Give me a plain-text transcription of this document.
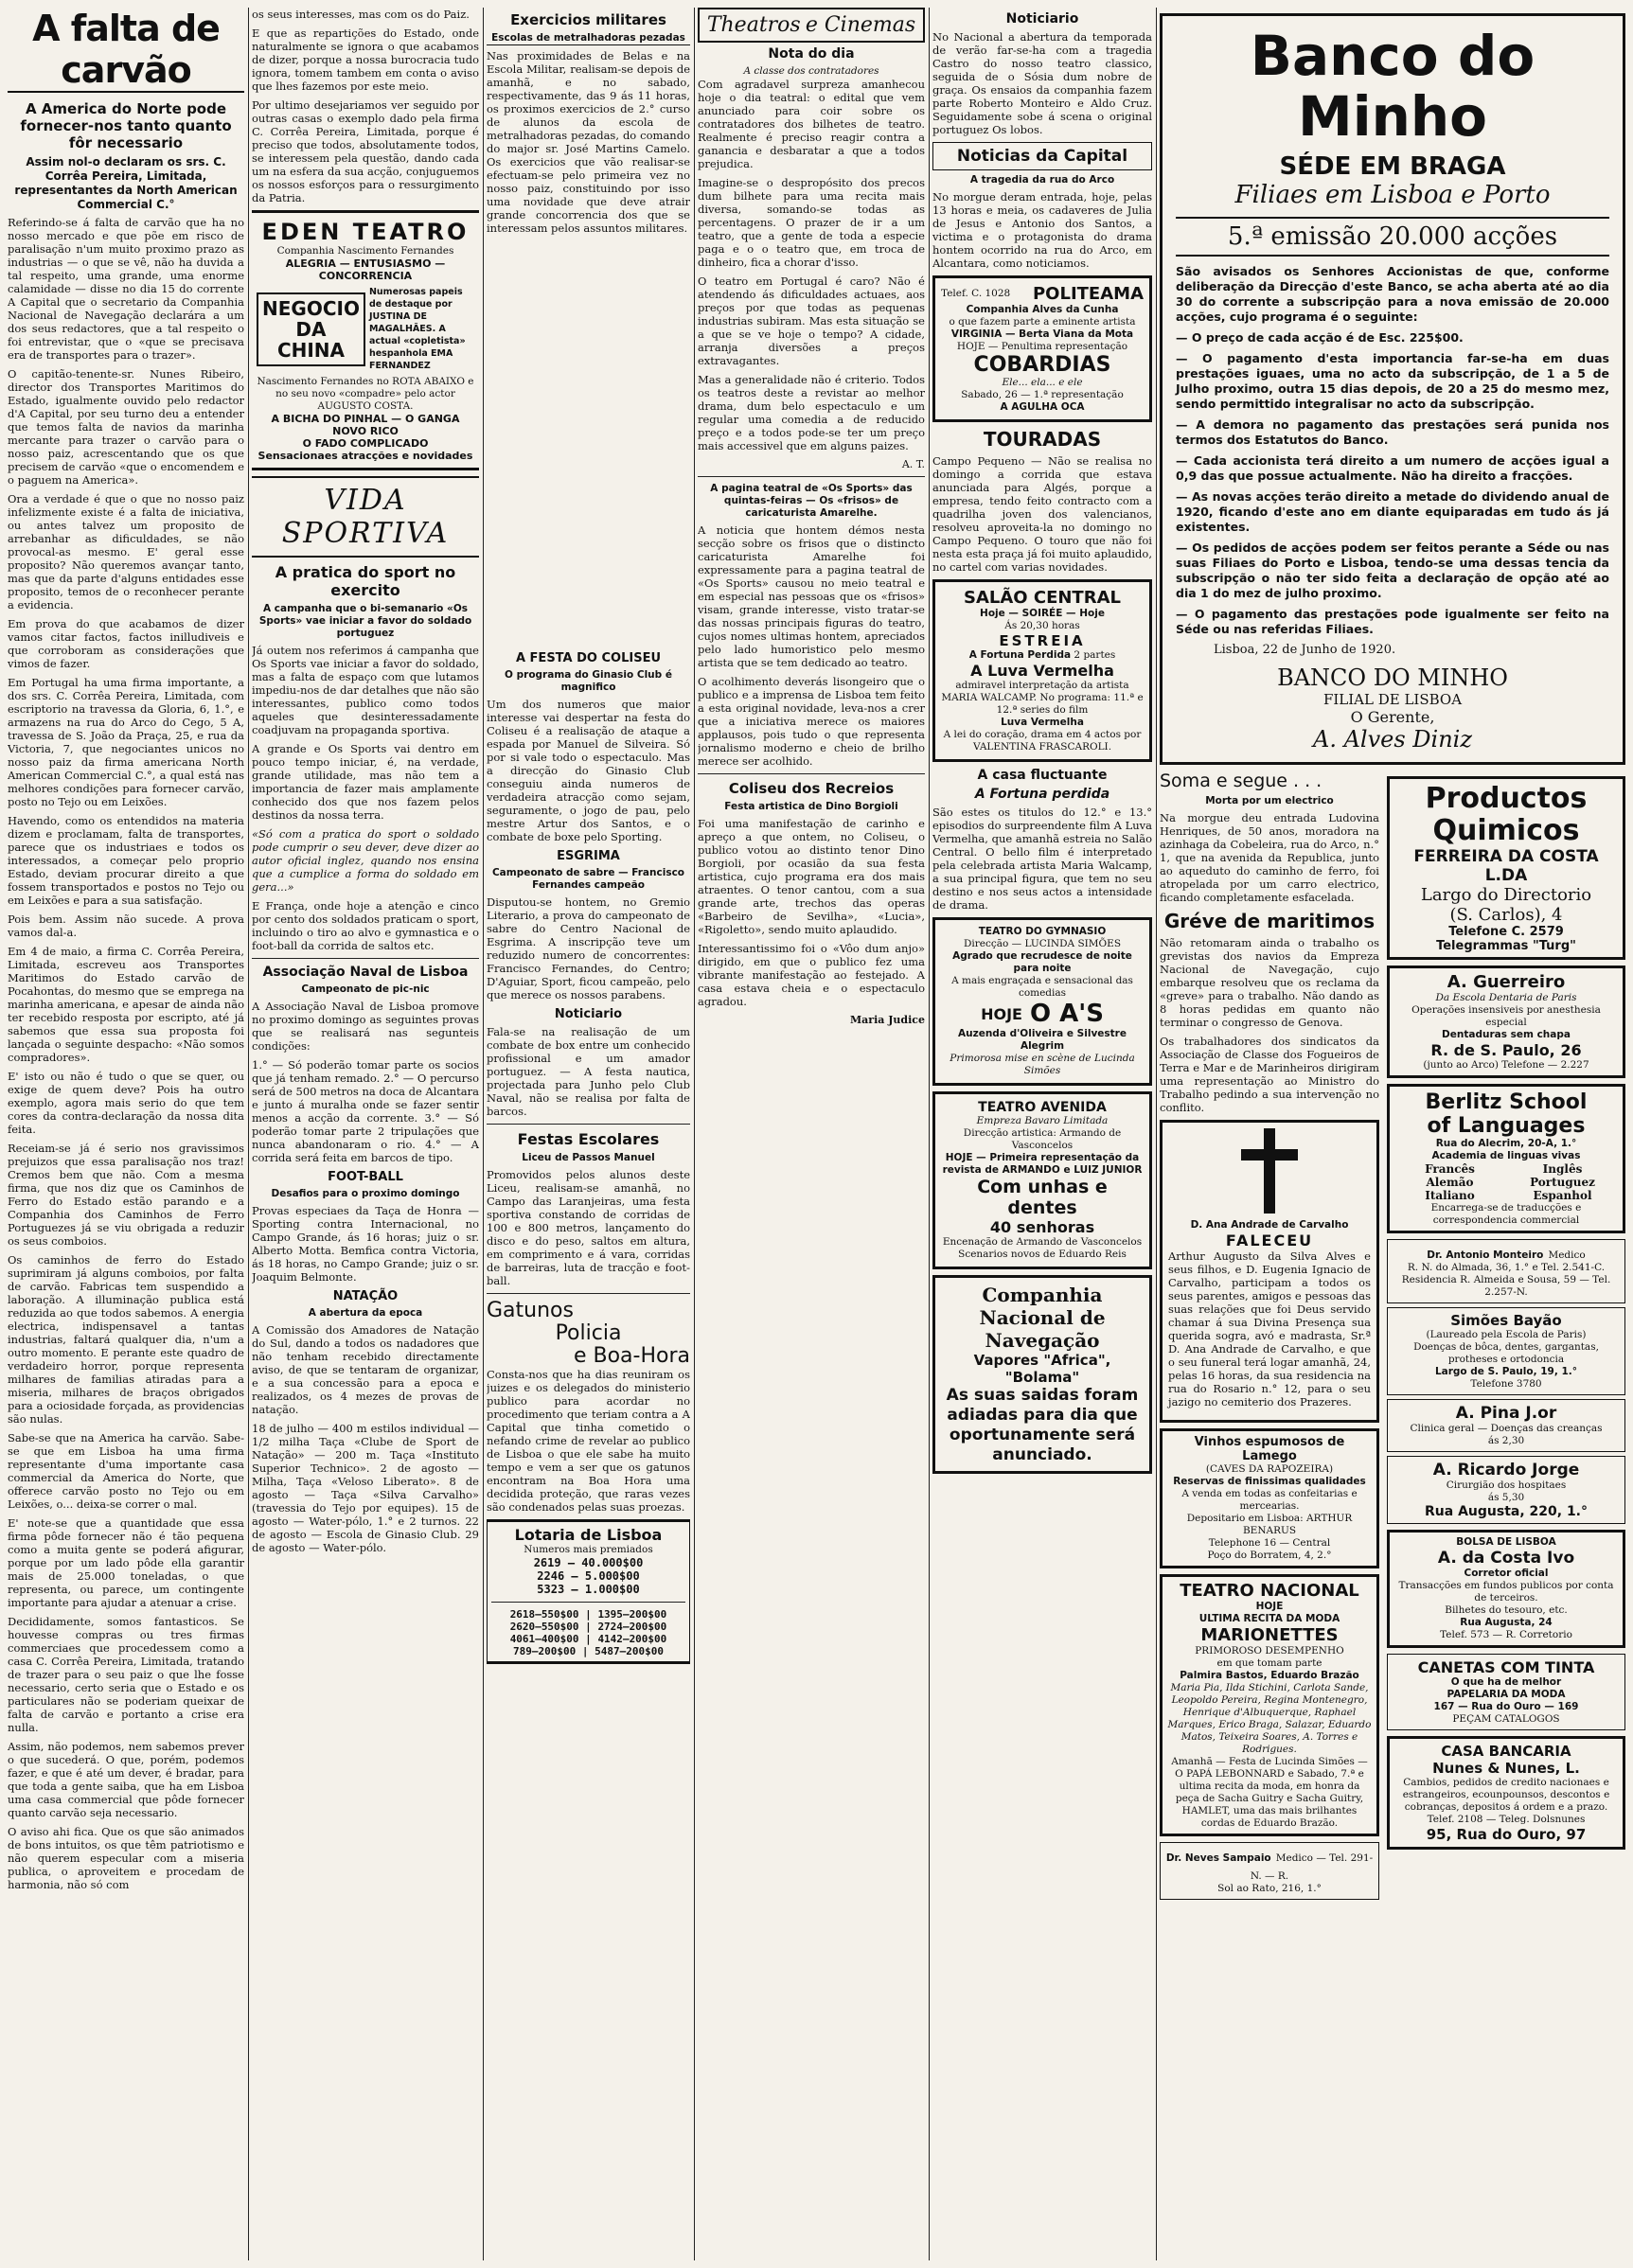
A falta de carvão
A America do Norte pode fornecer-nos tanto quanto fôr necessario
Assim nol-o declaram os srs. C. Corrêa Pereira, Limitada, representantes da North American Commercial C.°

Referindo-se á falta de carvão que ha no nosso mercado e que põe em risco de paralisação n'um muito proximo prazo as industrias — o que se vê, não ha duvida a tal respeito, uma grande, uma enorme calamidade — disse no dia 15 do corrente A Capital que o secretario da Companhia Nacional de Navegação declarára a um dos seus redactores, que a tal respeito o foi entrevistar, que o «que se precisava era de transportes para o trazer».

O capitão-tenente-sr. Nunes Ribeiro, director dos Transportes Maritimos do Estado, igualmente ouvido pelo redactor d'A Capital, por seu turno deu a entender que temos falta de navios da marinha mercante para trazer o carvão para o nosso paiz, acrescentando que os que precisem de carvão «que o encomendem e o paguem na America».

Ora a verdade é que o que no nosso paiz infelizmente existe é a falta de iniciativa, ou antes talvez um proposito de arrebanhar as dificuldades, se não provocal-as mesmo. E' geral esse proposito? Não queremos avançar tanto, mas que da parte d'alguns entidades esse proposito, temos de o reconhecer perante a evidencia.

Em prova do que acabamos de dizer vamos citar factos, factos inilludiveis e que corroboram as considerações que vimos de fazer.

Em Portugal ha uma firma importante, a dos srs. C. Corrêa Pereira, Limitada, com escriptorio na travessa da Gloria, 6, 1.°, e armazens na rua do Arco do Cego, 5 A, travessa de S. João da Praça, 25, e rua da Victoria, 7, que negociantes unicos no nosso paiz da firma americana North American Commercial C.°, a qual está nas melhores condições para fornecer carvão, posto no Tejo ou em Leixões.

Havendo, como os entendidos na materia dizem e proclamam, falta de transportes, parece que os industriaes e todos os interessados, a começar pelo proprio Estado, deviam procurar direito a que fossem transportados e postos no Tejo ou em Leixões e para a sua satisfação.

Pois bem. Assim não sucede. A prova vamos dal-a.

Em 4 de maio, a firma C. Corrêa Pereira, Limitada, escreveu aos Transportes Maritimos do Estado carvão de Pocahontas, do mesmo que se emprega na marinha americana, e apesar de ainda não ter recebido resposta por escripto, até já sabemos que essa sua proposta foi lançada o seguinte despacho: «Não somos compradores».

E' isto ou não é tudo o que se quer, ou exige de quem deve? Pois ha outro exemplo, agora mais serio do que tem cores da contra-declaração da nossa dita feita.

Receiam-se já é serio nos gravissimos prejuizos que essa paralisação nos traz! Cremos bem que não. Com a mesma firma, que nos diz que os Caminhos de Ferro do Estado estão parando e a Companhia dos Caminhos de Ferro Portuguezes já se viu obrigada a reduzir os seus comboios.

Os caminhos de ferro do Estado suprimiram já alguns comboios, por falta de carvão. Fabricas tem suspendido a laboração. A illuminação publica está reduzida ao que todos sabemos. A energia electrica, indispensavel a tantas industrias, faltará qualquer dia, n'um a outro momento. E perante este quadro de verdadeiro horror, porque representa milhares de familias atiradas para a miseria, milhares de braços obrigados para a ociosidade forçada, as providencias são nulas.

Sabe-se que na America ha carvão. Sabe-se que em Lisboa ha uma firma representante d'uma importante casa commercial da America do Norte, que offerece carvão posto no Tejo ou em Leixões, o... deixa-se correr o mal.

E' note-se que a quantidade que essa firma pôde fornecer não é tão pequena como a muita gente se poderá afigurar, porque por um lado pôde ella garantir mais de 25.000 toneladas, o que representa, ou parece, um contingente importante para ajudar a atenuar a crise.

Decididamente, somos fantasticos. Se houvesse compras ou tres firmas commerciaes que procedessem como a casa C. Corrêa Pereira, Limitada, tratando de trazer para o seu paiz o que lhe fosse necessario, certo seria que o Estado e os particulares não se poderiam queixar de falta de carvão e portanto a crise era nulla.

Assim, não podemos, nem sabemos prever o que sucederá. O que, porém, podemos fazer, e que é até um dever, é bradar, para que toda a gente saiba, que ha em Lisboa uma casa commercial que pôde fornecer quanto carvão seja necessario.

O aviso ahi fica. Que os que são animados de bons intuitos, os que têm patriotismo e não querem especular com a miseria publica, o aproveitem e procedam de harmonia, não só com

os seus interesses, mas com os do Paiz.

E que as repartições do Estado, onde naturalmente se ignora o que acabamos de dizer, porque a nossa burocracia tudo ignora, tomem tambem em conta o aviso que lhes fazemos por este meio.

Por ultimo desejariamos ver seguido por outras casas o exemplo dado pela firma C. Corrêa Pereira, Limitada, porque é preciso que todos, absolutamente todos, se interessem pela questão, dando cada um na esfera da sua acção, conjuguemos os nossos esforços para o ressurgimento da Patria.

EDEN TEATRO
Companhia Nascimento Fernandes
ALEGRIA — ENTUSIASMO — CONCORRENCIA
NEGOCIO DA CHINA
Numerosas papeis de destaque por JUSTINA DE MAGALHÃES. A actual «copletista» hespanhola EMA FERNANDEZ
Nascimento Fernandes no ROTA ABAIXO e no seu novo «compadre» pelo actor AUGUSTO COSTA.
A BICHA DO PINHAL — O GANGA NOVO RICO
O FADO COMPLICADO
Sensacionaes atracções e novidades
VIDA SPORTIVA
A pratica do sport no exercito
A campanha que o bi-semanario «Os Sports» vae iniciar a favor do soldado portuguez

Já outem nos referimos á campanha que Os Sports vae iniciar a favor do soldado, mas a falta de espaço com que lutamos impediu-nos de dar detalhes que não são interessantes, publico como todos aqueles que desinteressadamente coadjuvam na propaganda sportiva.

A grande e Os Sports vai dentro em pouco tempo iniciar, é, na verdade, grande utilidade, mas não tem a importancia de fazer mais amplamente conhecido dos que nos fazem pelos destinos da nossa terra.

«Só com a pratica do sport o soldado pode cumprir o seu dever, deve dizer ao autor oficial inglez, quando nos ensina que a cumplice a forma do soldado em gera...»

E França, onde hoje a atenção e cinco por cento dos soldados praticam o sport, incluindo o tiro ao alvo e gymnastica e o foot-ball da corrida de saltos etc.

Associação Naval de Lisboa
Campeonato de pic-nic

A Associação Naval de Lisboa promove no proximo domingo as seguintes provas que se realisará nas segunteis condições:

1.° — Só poderão tomar parte os socios que já tenham remado. 2.° — O percurso será de 500 metros na doca de Alcantara e junto á muralha onde se fazer sentir menos a acção da corrente. 3.° — Só poderão tomar parte 2 tripulações que nunca abandonaram o rio. 4.° — A corrida será feita em barcos de tipo.

FOOT-BALL
Desafios para o proximo domingo

Provas especiaes da Taça de Honra — Sporting contra Internacional, no Campo Grande, ás 16 horas; juiz o sr. Alberto Motta. Bemfica contra Victoria, ás 18 horas, no Campo Grande; juiz o sr. Joaquim Belmonte.

NATAÇÃO
A abertura da epoca

A Comissão dos Amadores de Natação do Sul, dando a todos os nadadores que não tenham recebido directamente aviso, de que se tentaram de organizar, e a sua concessão para a epoca e realizados, os 4 mezes de provas de natação.

18 de julho — 400 m estilos individual — 1/2 milha Taça «Clube de Sport de Natação» — 200 m. Taça «Instituto Superior Technico». 2 de agosto — Milha, Taça «Veloso Liberato». 8 de agosto — Taça «Silva Carvalho» (travessia do Tejo por equipes). 15 de agosto — Water-pólo, 1.° e 2 turnos. 22 de agosto — Escola de Ginasio Club. 29 de agosto — Water-pólo.

Exercicios militares
Escolas de metralhadoras pezadas

Nas proximidades de Belas e na Escola Militar, realisam-se depois de amanhã, e no sabado, respectivamente, das 9 ás 11 horas, os proximos exercicios de 2.° curso de alunos da escola de metralhadoras pezadas, do comando do major sr. José Martins Camelo. Os exercicios que vão realisar-se efectuam-se pelo primeira vez no nosso paiz, constituindo por isso uma novidade que deve atrair grande concorrencia dos que se interessam pelos assuntos militares.

A FESTA DO COLISEU
O programa do Ginasio Club é magnifico

Um dos numeros que maior interesse vai despertar na festa do Coliseu é a realisação de ataque a espada por Manuel de Silveira. Só por si vale todo o espectaculo. Mas a direcção do Ginasio Club conseguiu ainda numeros de verdadeira atracção como sejam, seguramente, o jogo de pau, pelo mestre Artur dos Santos, e o combate de boxe pelo Sporting.

ESGRIMA
Campeonato de sabre — Francisco Fernandes campeão

Disputou-se hontem, no Gremio Literario, a prova do campeonato de sabre do Centro Nacional de Esgrima. A inscripção teve um reduzido numero de concorrentes: Francisco Fernandes, do Centro; D'Aguiar, Sport, ficou campeão, pelo que merece os nossos parabens.

Noticiario

Fala-se na realisação de um combate de box entre um conhecido profissional e um amador portuguez. — A festa nautica, projectada para Junho pelo Club Naval, não se realisa por falta de barcos.

Festas Escolares
Liceu de Passos Manuel

Promovidos pelos alunos deste Liceu, realisam-se amanhã, no Campo das Laranjeiras, uma festa sportiva constando de corridas de 100 e 800 metros, lançamento do disco e do peso, saltos em altura, em comprimento e á vara, corridas de barreiras, luta de tracção e foot-ball.

Gatunos
Policia
e Boa-Hora

Consta-nos que ha dias reuniram os juizes e os delegados do ministerio publico para acordar no procedimento que teriam contra a A Capital que tinha cometido o nefando crime de revelar ao publico de Lisboa o que ele sabe ha muito tempo e vem a ser que os gatunos encontram na Boa Hora uma decidida proteção, que raras vezes são condenados pelas suas proezas.

Lotaria de Lisboa
Numeros mais premiados
2619 — 40.000$00
2246 — 5.000$00
5323 — 1.000$00
2618—550$00 | 1395—200$00
2620—550$00 | 2724—200$00
4061—400$00 | 4142—200$00
789—200$00 | 5487—200$00
Theatros e Cinemas
Nota do dia
A classe dos contratadores

Com agradavel surpreza amanhecou hoje o dia teatral: o edital que vem anunciado para coir sobre os contratadores dos bilhetes de teatro. Realmente é preciso reagir contra a ganancia e desbaratar a que a todos prejudica.

Imagine-se o despropósito dos precos dum bilhete para uma recita mais diversa, somando-se todas as percentagens. O prazer de ir a um teatro, que a gente de toda a especie paga e o o teatro que, em troca de dinheiro, fica a chorar d'isso.

O teatro em Portugal é caro? Não é atendendo ás dificuldades actuaes, aos preços por que todas as pequenas industrias subiram. Mas esta situação se a que se ve hoje o tempo? A cidade, arranja diversões a preços extravagantes.

Mas a generalidade não é criterio. Todos os teatros deste a revistar ao melhor drama, dum belo espectaculo e um regular uma comedia a de reducido preço e a todos pode-se ter um preço mais accessivel que em alguns paizes.

A. T.
A pagina teatral de «Os Sports» das quintas-feiras — Os «frisos» de caricaturista Amarelhe.

A noticia que hontem démos nesta secção sobre os frisos que o distincto caricaturista Amarelhe foi expressamente para a pagina teatral de «Os Sports» causou no meio teatral e em especial nas pessoas que os «frisos» visam, grande interesse, visto tratar-se das nossas principais figuras do teatro, cujos nomes ultimas hontem, apreciados pelo lado humoristico pelo mesmo artista que se tem dedicado ao teatro.

O acolhimento deverás lisongeiro que o publico e a imprensa de Lisboa tem feito a esta original novidade, leva-nos a crer que a iniciativa merece os maiores applausos, pois tudo o que representa jornalismo moderno e cheio de brilho merece ser acolhido.

Coliseu dos Recreios
Festa artistica de Dino Borgioli

Foi uma manifestação de carinho e apreço a que ontem, no Coliseu, o publico votou ao distinto tenor Dino Borgioli, por ocasião da sua festa artistica, cujo programa era dos mais atraentes. O tenor cantou, com a sua grande arte, trechos das operas «Barbeiro de Sevilha», «Lucia», «Rigoletto», sendo muito aplaudido.

Interessantissimo foi o «Vôo dum anjo» dirigido, em que o publico fez uma vibrante manifestação ao festejado. A casa estava cheia e o espectaculo agradou.

Maria Judice
Noticiario

No Nacional a abertura da temporada de verão far-se-ha com a tragedia Castro do nosso teatro classico, seguida de o Sósia dum nobre de graça. Os ensaios da companhia fazem parte Roberto Monteiro e Aldo Cruz. Seguidamente sobe á scena o original portuguez Os lobos.

Noticias da Capital
A tragedia da rua do Arco

No morgue deram entrada, hoje, pelas 13 horas e meia, os cadaveres de Julia de Jesus e Antonio dos Santos, a victima e o protagonista do drama hontem ocorrido na rua do Arco, em Alcantara, como noticiamos.

Telef. C. 1028 POLITEAMA
Companhia Alves da Cunha
o que fazem parte a eminente artista
VIRGINIA — Berta Viana da Mota
HOJE — Penultima representação
COBARDIAS
Ele... ela... e ele
Sabado, 26 — 1.ª representação
A AGULHA OCA
TOURADAS

Campo Pequeno — Não se realisa no domingo a corrida que estava anunciada para Algés, porque a empresa, tendo feito contracto com a quadrilha joven dos valencianos, resolveu aproveita-la no domingo no Campo Pequeno. O touro que não foi nesta esta praça já foi muito aplaudido, no cartel com varias novidades.

SALÃO CENTRAL
Hoje — SOIRÉE — Hoje
Ás 20,30 horas
ESTREIA
A Fortuna Perdida 2 partes
A Luva Vermelha
admiravel interpretação da artista MARIA WALCAMP. No programa: 11.ª e 12.ª series do film
Luva Vermelha
A lei do coração, drama em 4 actos por VALENTINA FRASCAROLI.
A casa fluctuante
A Fortuna perdida

São estes os titulos do 12.° e 13.° episodios do surpreendente film A Luva Vermelha, que amanhã estreia no Salão Central. O bello film é interpretado pela celebrada artista Maria Walcamp, a sua principal figura, que tem no seu destino e nos seus actos a intensidade de drama.

TEATRO DO GYMNASIO
Direcção — LUCINDA SIMÕES
Agrado que recrudesce de noite para noite
A mais engraçada e sensacional das comedias
HOJE O A'S
Auzenda d'Oliveira e Silvestre Alegrim
Primorosa mise en scène de Lucinda Simões
TEATRO AVENIDA
Empreza Bavaro Limitada
Direcção artistica: Armando de Vasconcelos
HOJE — Primeira representação da revista de ARMANDO e LUIZ JUNIOR
Com unhas e dentes
40 senhoras
Encenação de Armando de Vasconcelos
Scenarios novos de Eduardo Reis
Companhia Nacional de Navegação
Vapores "Africa", "Bolama"
As suas saidas foram adiadas para dia que oportunamente será anunciado.
Banco do Minho
SÉDE EM BRAGA
Filiaes em Lisboa e Porto
5.ª emissão 20.000 acções

São avisados os Senhores Accionistas de que, conforme deliberação da Direcção d'este Banco, se acha aberta até ao dia 30 do corrente a subscripção para a nova emissão de 20.000 acções, cujo programa é o seguinte:

— O preço de cada acção é de Esc. 225$00.

— O pagamento d'esta importancia far-se-ha em duas prestações iguaes, uma no acto da subscripção, de 1 a 5 de Julho proximo, outra 15 dias depois, de 20 a 25 do mesmo mez, sendo permittido integralisar no acto da subscripção.

— A demora no pagamento das prestações será punida nos termos dos Estatutos do Banco.

— Cada accionista terá direito a um numero de acções igual a 0,9 das que possue actualmente. Não ha direito a fracções.

— As novas acções terão direito a metade do dividendo anual de 1920, ficando d'este ano em diante equiparadas em tudo ás já existentes.

— Os pedidos de acções podem ser feitos perante a Séde ou nas suas Filiaes do Porto e Lisboa, tendo-se uma dessas tencia da subscripção o não ter sido feita a declaração de opção até ao dia 1 do mez de julho proximo.

— O pagamento das prestações pode igualmente ser feito na Séde ou nas referidas Filiaes.

Lisboa, 22 de Junho de 1920.
BANCO DO MINHO
FILIAL DE LISBOA
O Gerente,
A. Alves Diniz
Soma e segue . . .
Morta por um electrico

Na morgue deu entrada Ludovina Henriques, de 50 anos, moradora na azinhaga da Cobeleira, rua do Arco, n.° 1, que na avenida da Republica, junto ao aqueduto do caminho de ferro, foi atropelada por um carro electrico, ficando completamente esfacelada.

Gréve de maritimos

Não retomaram ainda o trabalho os grevistas dos navios da Empreza Nacional de Navegação, cujo embarque resolveu que os reclama da «greve» para o trabalho. Não dando as 8 horas pedidas em quanto não terminar o congresso de Genova.

Os trabalhadores dos sindicatos da Associação de Classe dos Fogueiros de Terra e Mar e de Marinheiros dirigiram uma representação ao Ministro do Trabalho pedindo a sua intervenção no conflito.

D. Ana Andrade de Carvalho
FALECEU

Arthur Augusto da Silva Alves e seus filhos, e D. Eugenia Ignacio de Carvalho, participam a todos os seus parentes, amigos e pessoas das suas relações que foi Deus servido chamar á sua Divina Presença sua querida sogra, avó e madrasta, Sr.ª D. Ana Andrade de Carvalho, e que o seu funeral terá logar amanhã, 24, pelas 16 horas, da sua residencia na rua do Rosario n.° 12, para o seu jazigo no cemiterio dos Prazeres.

Vinhos espumosos de Lamego
(CAVES DA RAPOZEIRA)
Reservas de finissimas qualidades
A venda em todas as confeitarias e mercearias.
Depositario em Lisboa: ARTHUR BENARUS
Telephone 16 — Central
Poço do Borratem, 4, 2.°
TEATRO NACIONAL
HOJE
ULTIMA RECITA DA MODA
MARIONETTES
PRIMOROSO DESEMPENHO
em que tomam parte
Palmira Bastos, Eduardo Brazão
Maria Pia, Ilda Stichini, Carlota Sande, Leopoldo Pereira, Regina Montenegro, Henrique d'Albuquerque, Raphael Marques, Erico Braga, Salazar, Eduardo Matos, Teixeira Soares, A. Torres e Rodrigues.
Amanhã — Festa de Lucinda Simões — O PAPÁ LEBONNARD e Sabado, 7.ª e ultima recita da moda, em honra da peça de Sacha Guitry e Sacha Guitry, HAMLET, uma das mais brilhantes cordas de Eduardo Brazão.
Dr. Neves Sampaio Medico — Tel. 291-N. — R.
Sol ao Rato, 216, 1.°
Productos
Quimicos
FERREIRA DA COSTA L.DA
Largo do Directorio
(S. Carlos), 4
Telefone C. 2579
Telegrammas "Turg"
A. Guerreiro
Da Escola Dentaria de Paris
Operações insensiveis por anesthesia especial
Dentaduras sem chapa
R. de S. Paulo, 26
(junto ao Arco) Telefone — 2.227
Berlitz School
of Languages
Rua do Alecrim, 20-A, 1.°
Academia de linguas vivas
Francês	Inglês
Alemão	Portuguez
Italiano	Espanhol
Encarrega-se de traducções e correspondencia commercial
Dr. Antonio Monteiro Medico
R. N. do Almada, 36, 1.° e Tel. 2.541-C. Residencia R. Almeida e Sousa, 59 — Tel. 2.257-N.
Simões Bayão
(Laureado pela Escola de Paris)
Doenças de bôca, dentes, gargantas, protheses e ortodoncia
Largo de S. Paulo, 19, 1.°
Telefone 3780
A. Pina J.or
Clinica geral — Doenças das creanças
ás 2,30
A. Ricardo Jorge
Cirurgião dos hospitaes
ás 5,30
Rua Augusta, 220, 1.°
BOLSA DE LISBOA
A. da Costa Ivo
Corretor oficial
Transacções em fundos publicos por conta de terceiros.
Bilhetes do tesouro, etc.
Rua Augusta, 24
Telef. 573 — R. Corretorio
CANETAS COM TINTA
O que ha de melhor
PAPELARIA DA MODA
167 — Rua do Ouro — 169
PEÇAM CATALOGOS
CASA BANCARIA
Nunes & Nunes, L.
Cambios, pedidos de credito nacionaes e estrangeiros, ecounpounsos, descontos e cobranças, depositos á ordem e a prazo.
Telef. 2108 — Teleg. Dolsnunes
95, Rua do Ouro, 97
